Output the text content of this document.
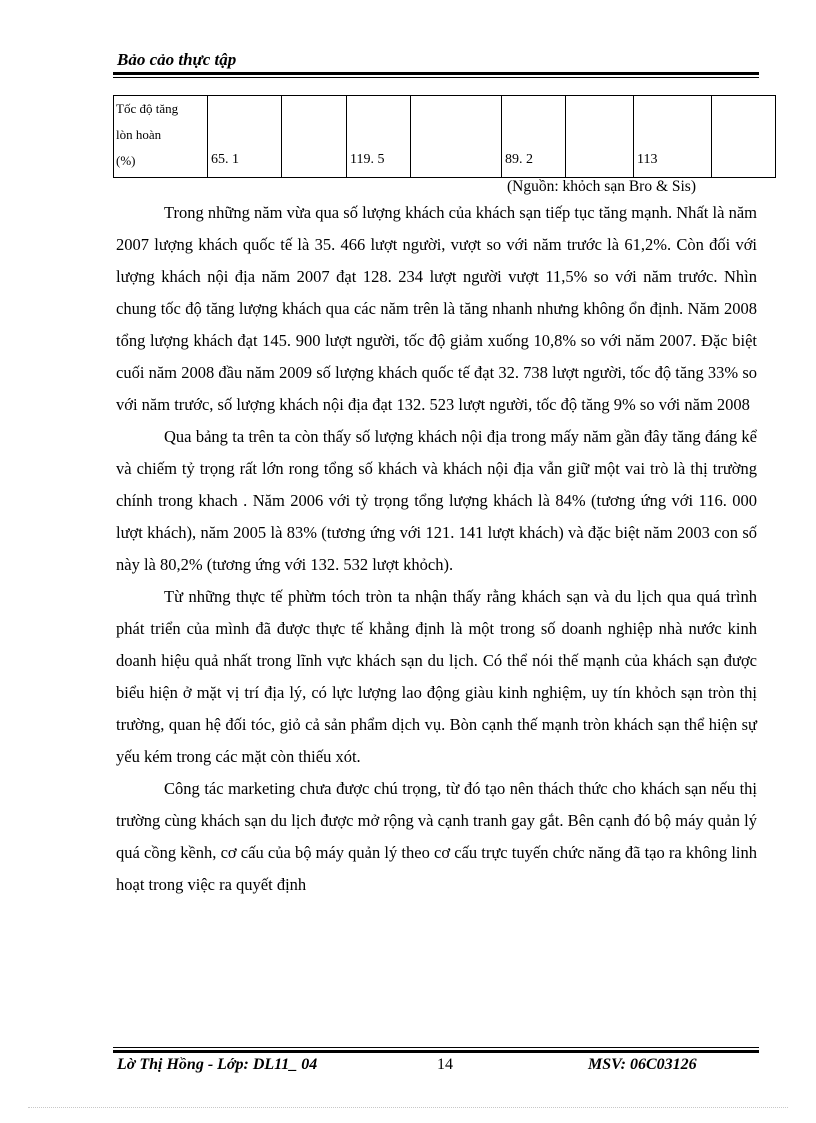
Bảo cảo thực tập
Tốc độ tăng
lòn hoàn
(%)	65. 1		119. 5		89. 2		113	
(Nguồn: khỏch sạn Bro & Sis)

Trong những năm vừa qua số lượng khách của khách sạn tiếp tục tăng mạnh. Nhất là năm 2007 lượng khách quốc tế là 35. 466 lượt người, vượt so với năm trước là 61,2%. Còn đối với lượng khách nội địa năm 2007 đạt 128. 234 lượt người vượt 11,5% so với năm trước. Nhìn chung tốc độ tăng lượng khách qua các năm trên là tăng nhanh nhưng không ổn định. Năm 2008 tổng lượng khách đạt 145. 900 lượt người, tốc độ giảm xuống 10,8% so với năm 2007. Đặc biệt cuối năm 2008 đầu năm 2009 số lượng khách quốc tế đạt 32. 738 lượt người, tốc độ tăng 33% so với năm trước, số lượng khách nội địa đạt 132. 523 lượt người, tốc độ tăng 9% so với năm 2008

Qua bảng ta trên ta còn thấy số lượng khách nội địa trong mấy năm gần đây tăng đáng kể và chiếm tỷ trọng rất lớn rong tổng số khách và khách nội địa vẫn giữ một vai trò là thị trường chính trong khach . Năm 2006 với tỷ trọng tổng lượng khách là 84% (tương ứng với 116. 000 lượt khách), năm 2005 là 83% (tương ứng với 121. 141 lượt khách) và đặc biệt năm 2003 con số này là 80,2% (tương ứng với 132. 532 lượt khỏch).

Từ những thực tế phừm tóch tròn ta nhận thấy rằng khách sạn và du lịch qua quá trình phát triển của mình đã được thực tế khẳng định là một trong số doanh nghiệp nhà nước kinh doanh hiệu quả nhất trong lĩnh vực khách sạn du lịch. Có thể nói thế mạnh của khách sạn được biểu hiện ở mặt vị trí địa lý, có lực lượng lao động giàu kinh nghiệm, uy tín khỏch sạn tròn thị trường, quan hệ đối tóc, giỏ cả sản phẩm dịch vụ. Bòn cạnh thế mạnh tròn khách sạn thể hiện sự yếu kém trong các mặt còn thiếu xót.

Công tác marketing chưa được chú trọng, từ đó tạo nên thách thức cho khách sạn nếu thị trường cùng khách sạn du lịch được mở rộng và cạnh tranh gay gắt. Bên cạnh đó bộ máy quản lý quá cồng kềnh, cơ cấu của bộ máy quản lý theo cơ cấu trực tuyến chức năng đã tạo ra không linh hoạt trong việc ra quyết định

Lờ Thị Hồng - Lớp: DL11_ 04	14	MSV: 06C03126
